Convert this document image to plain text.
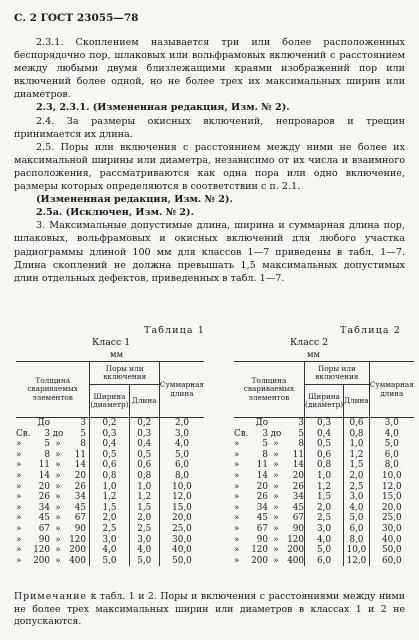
С. 2 ГОСТ 23055—78

2.3.1. Скоплением называется три или более расположенных беспорядочно пор, шлаковых или вольфрамовых включений с расстоянием между любыми двумя близлежащими краями изображений пор или включений более одной, но не более трех их максимальных ширин или диаметров.

2.3, 2.3.1. (Измененная редакция, Изм. № 2).

2.4. За размеры окисных включений, непроваров и трещин принимается их длина.

2.5. Поры или включения с расстоянием между ними не более их максимальной ширины или диаметра, независимо от их числа и взаимного расположения, рассматриваются как одна пора или одно включение, размеры которых определяются в соответствии с п. 2.1.

(Измененная редакция, Изм. № 2).

2.5а. (Исключен, Изм. № 2).

3. Максимальные допустимые длина, ширина и суммарная длина пор, шлаковых, вольфрамовых и окисных включений для любого участка радиограммы длиной 100 мм для классов 1—7 приведены в табл. 1—7. Длина скоплений не должна превышать 1,5 максимальных допустимых длин отдельных дефектов, приведенных в табл. 1—7.

Таблица 1
Класс 1
мм
Толщина свариваемых элементов	Поры или включения		Суммарная длина
	Ширина (диаметр)	Длина	

До 3	0,2	0,2	2,0

Св. 3 до 5	0,3	0,3	3,0

» 5 » 8	0,4	0,4	4,0

» 8 » 11	0,5	0,5	5,0

» 11 » 14	0,6	0,6	6,0

» 14 » 20	0,8	0,8	8,0

» 20 » 26	1,0	1,0	10,0

» 26 » 34	1,2	1,2	12,0

» 34 » 45	1,5	1,5	15,0

» 45 » 67	2,0	2,0	20,0

» 67 » 90	2,5	2,5	25,0

» 90 » 120	3,0	3,0	30,0

» 120 » 200	4,0	4,0	40,0

» 200 » 400	5,0	5,0	50,0
Таблица 2
Класс 2
мм
Толщина свариваемых элементов	Поры или включения		Суммарная длина
	Ширина (диаметр)	Длина	

До 3	0,3	0,6	3,0

Св. 3 до 5	0,4	0,8	4,0

» 5 » 8	0,5	1,0	5,0

» 8 » 11	0,6	1,2	6,0

» 11 » 14	0,8	1,5	8,0

» 14 » 20	1,0	2,0	10,0

» 20 » 26	1,2	2,5	12,0

» 26 » 34	1,5	3,0	15,0

» 34 » 45	2,0	4,0	20,0

» 45 » 67	2,5	5,0	25,0

» 67 » 90	3,0	6,0	30,0

» 90 » 120	4,0	8,0	40,0

» 120 » 200	5,0	10,0	50,0

» 200 » 400	6,0	12,0	60,0
Примечание к табл. 1 и 2. Поры и включения с расстояниями между ними не более трех максимальных ширин или диаметров в классах 1 и 2 не допускаются.
